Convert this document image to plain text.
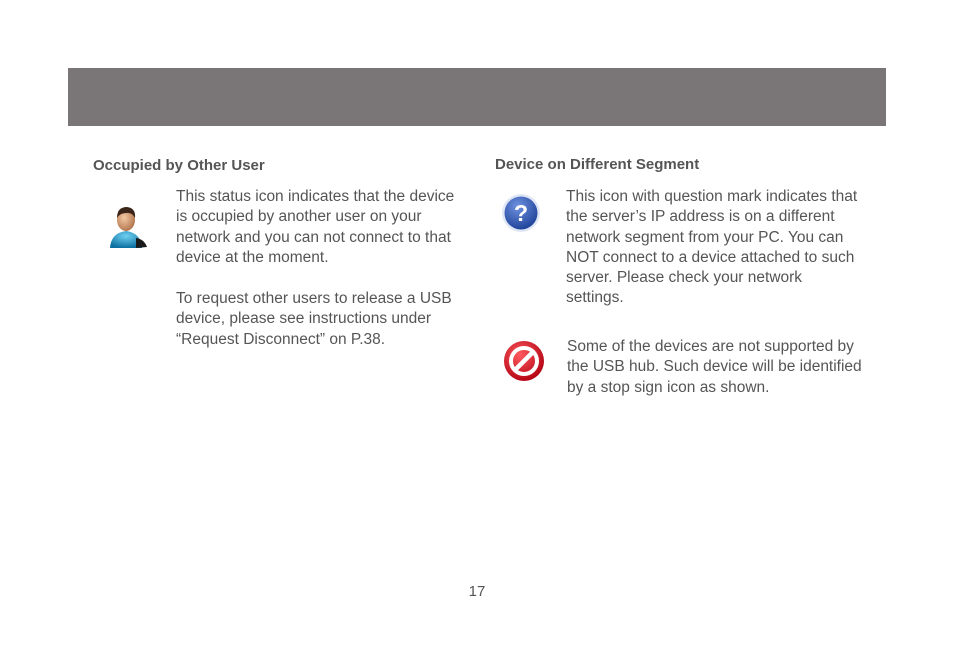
Occupied by Other User

This status icon indicates that the device is occupied by another user on your network and you can not connect to that device at the moment.

To request other users to release a USB device, please see instructions under “Request Disconnect” on P.38.

Device on Different Segment
?

This icon with question mark indicates that the server’s IP address is on a different network segment from your PC. You can NOT connect to a device attached to such server. Please check your network settings.

Some of the devices are not supported by the USB hub. Such device will be identified by a stop sign icon as shown.

17
